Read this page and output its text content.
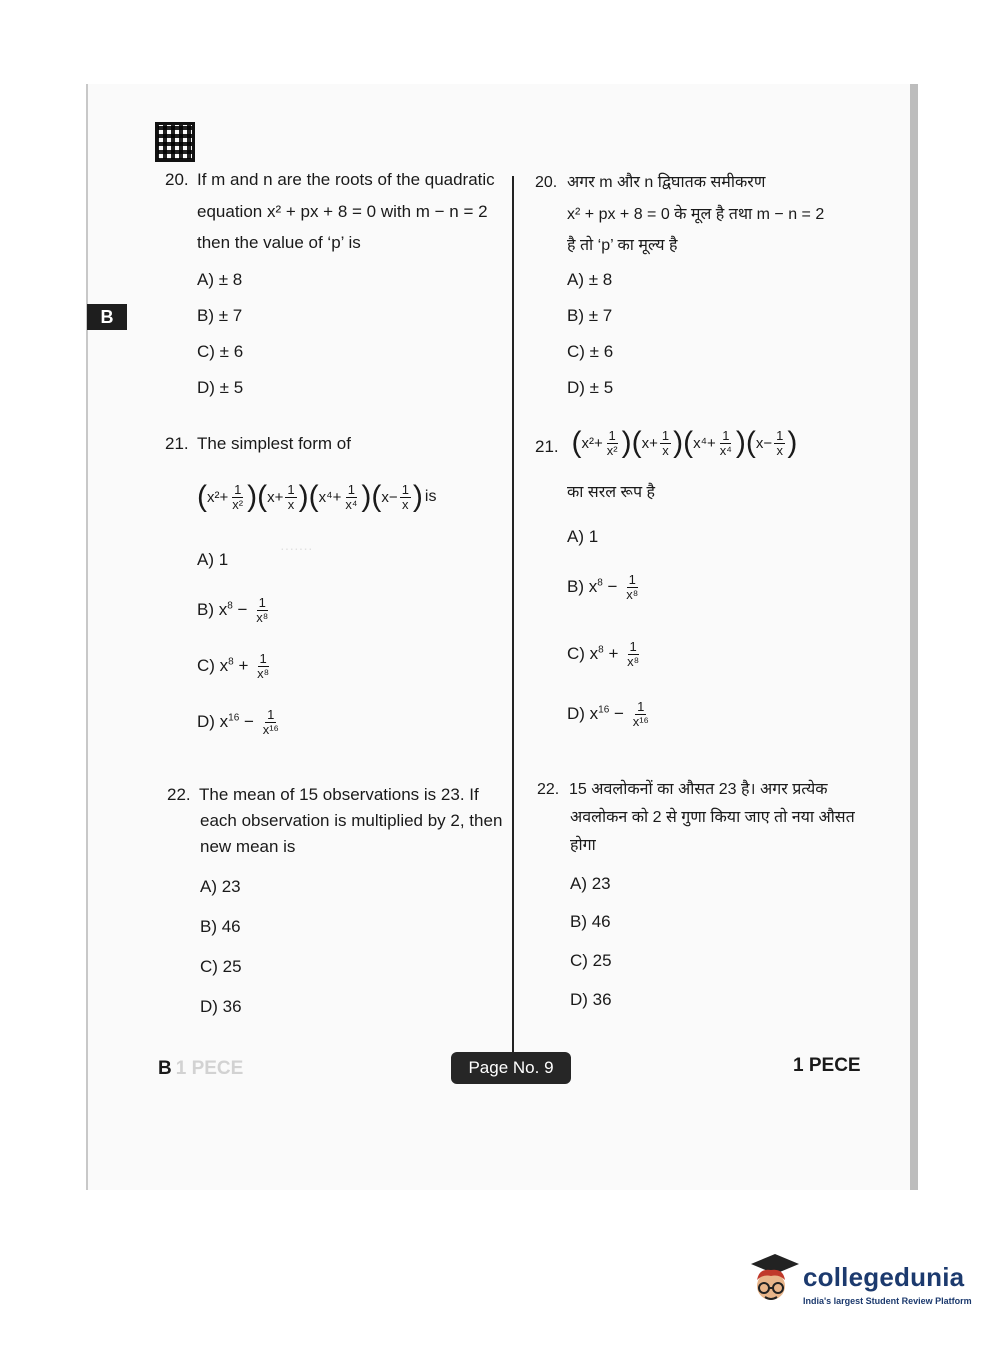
B
·······
20. If m and n are the roots of the quadratic
equation x² + px + 8 = 0 with m − n = 2
then the value of ‘p’ is
A) ± 8
B) ± 7
C) ± 6
D) ± 5
21. The simplest form of
( $x^2 + \frac{1}{\text{x²}}$ ) ( $x + \frac{1}{x}$ ) ( $x^4 + \frac{1}{\text{x⁴}}$ ) ( $x - \frac{1}{x}$ ) is
A) 1
B) $x^8 - \frac{1}{\text{x⁸}}$
C) $x^8 + \frac{1}{\text{x⁸}}$
D) $x^{16} - \frac{1}{\text{x¹⁶}}$
22. The mean of 15 observations is 23. If
each observation is multiplied by 2, then
new mean is
A) 23
B) 46
C) 25
D) 36
20. अगर m और n द्विघातक समीकरण
x² + px + 8 = 0 के मूल है तथा m − n = 2
है तो ‘p’ का मूल्य है
A) ± 8
B) ± 7
C) ± 6
D) ± 5
21. ( $x^2 + \frac{1}{\text{x²}}$ ) ( $x + \frac{1}{x}$ ) ( $x^4 + \frac{1}{\text{x⁴}}$ ) ( $x - \frac{1}{x}$ )
का सरल रूप है
A) 1
B) $x^8 - \frac{1}{\text{x⁸}}$
C) $x^8 + \frac{1}{\text{x⁸}}$
D) $x^{16} - \frac{1}{\text{x¹⁶}}$
22. 15 अवलोकनों का औसत 23 है। अगर प्रत्येक
अवलोकन को 2 से गुणा किया जाए तो नया औसत
होगा
A) 23
B) 46
C) 25
D) 36
B 1 PECE	Page No. 9	1 PECE
collegedunia
India's largest Student Review Platform
